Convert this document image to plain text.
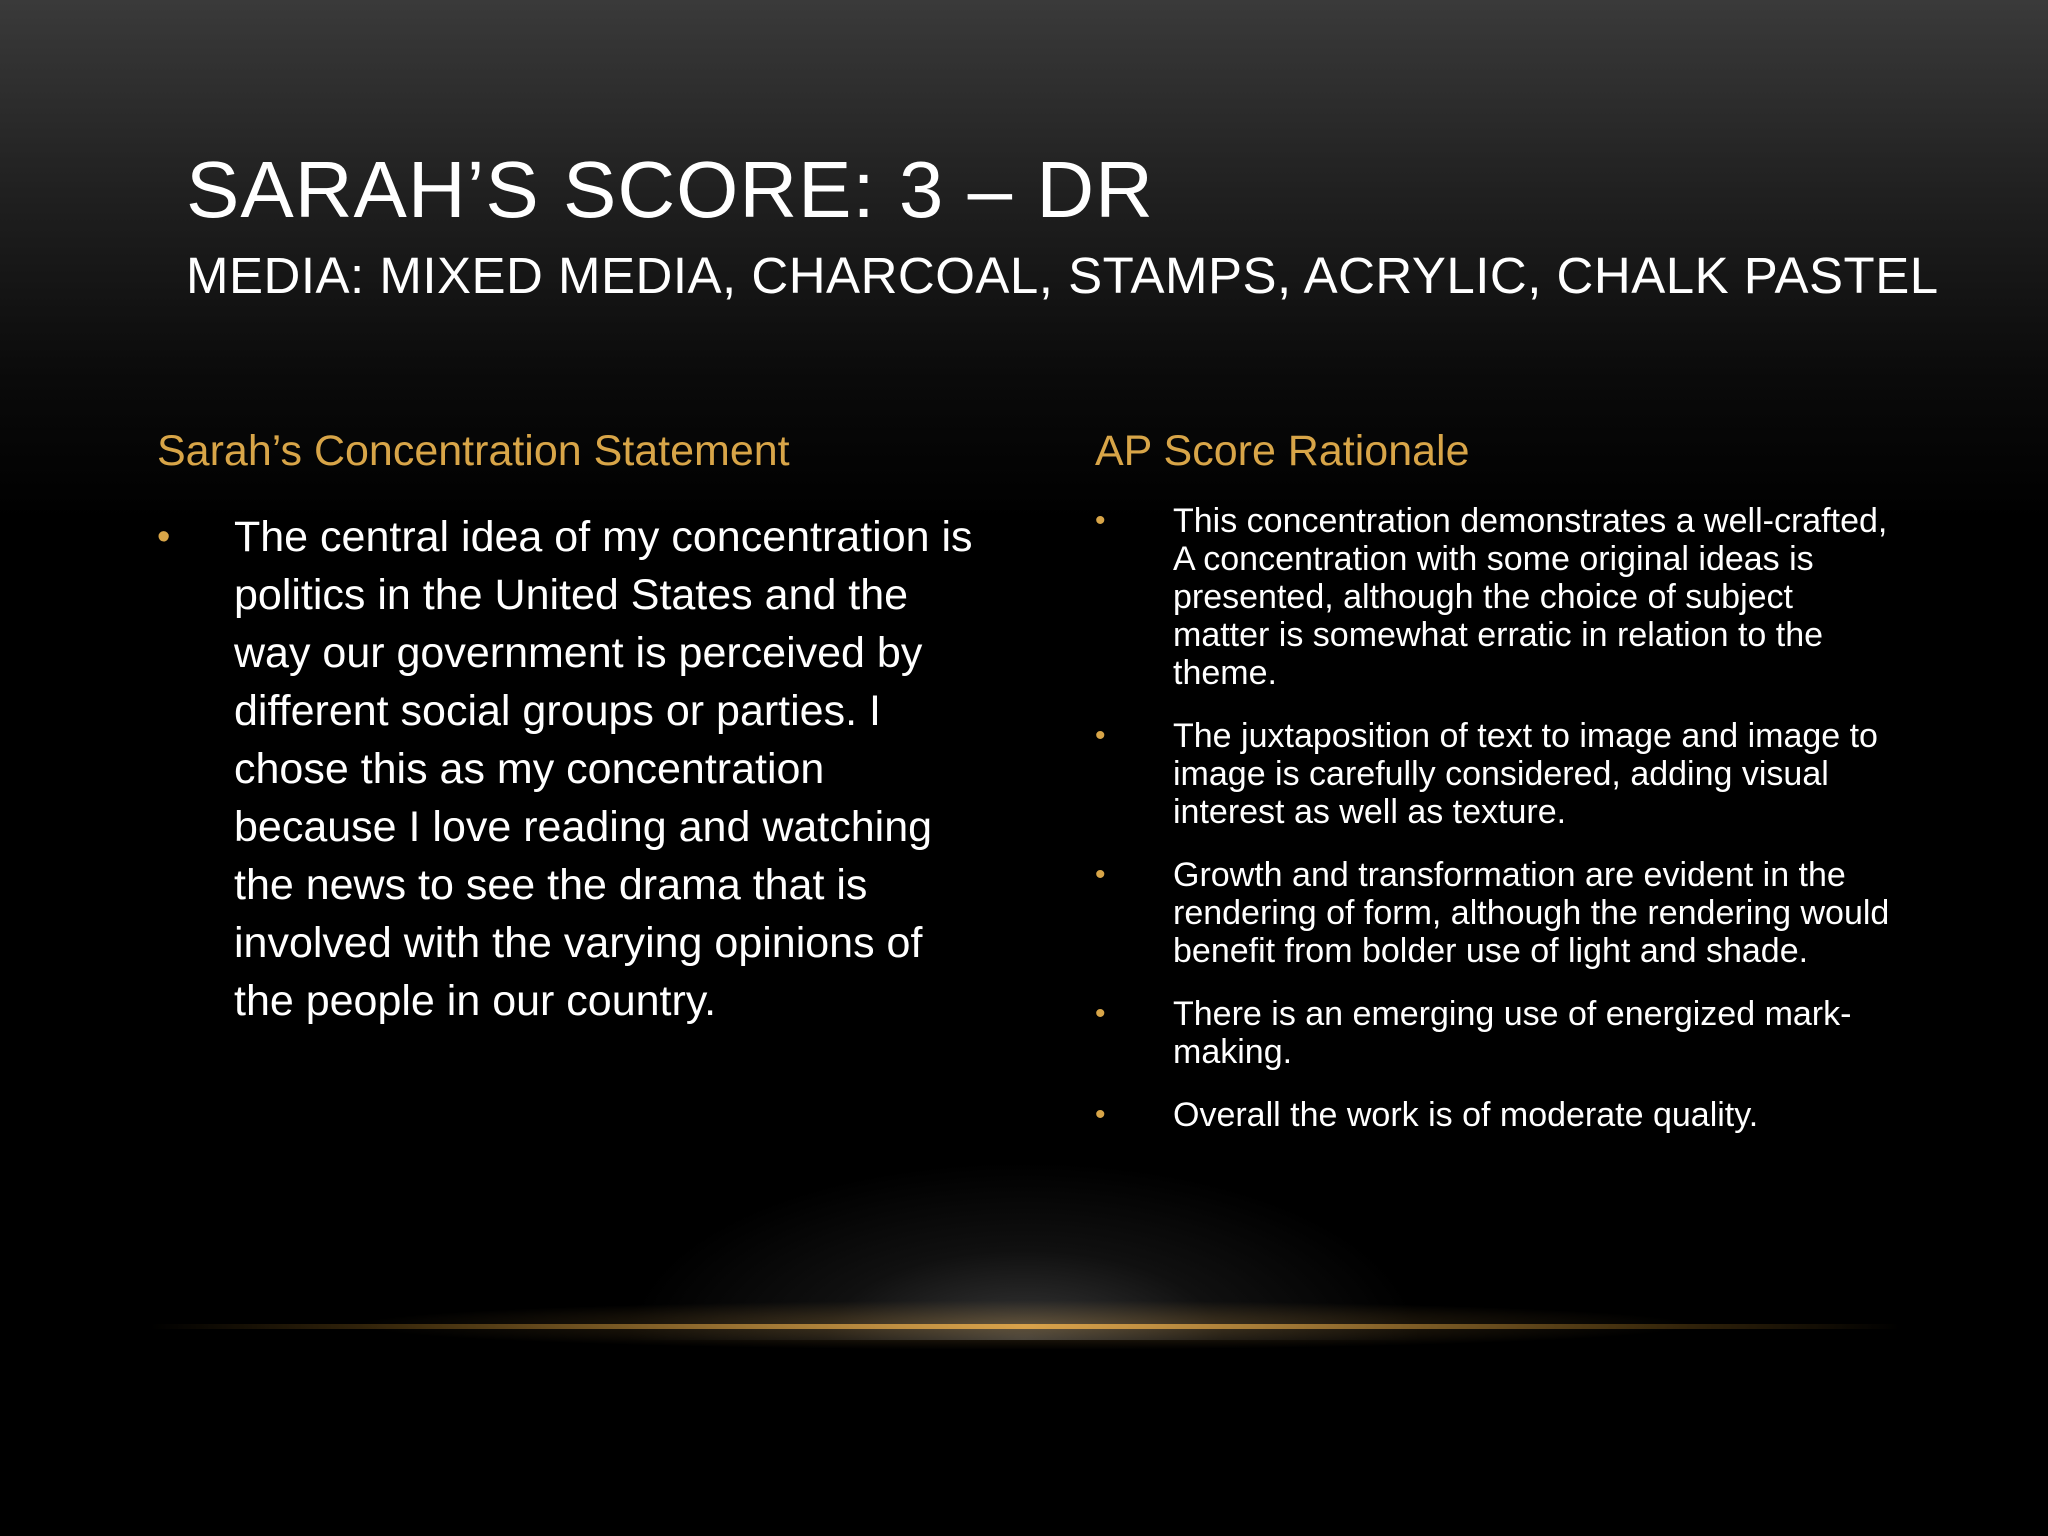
SARAH’S SCORE: 3 – DR
MEDIA: MIXED MEDIA, CHARCOAL, STAMPS, ACRYLIC, CHALK PASTEL
Sarah’s Concentration Statement
• The central idea of my concentration is politics in the United States and the way our government is perceived by different social groups or parties. I chose this as my concentration because I love reading and watching the news to see the drama that is involved with the varying opinions of the people in our country.
AP Score Rationale
• This concentration demonstrates a well-crafted, A concentration with some original ideas is presented, although the choice of subject matter is somewhat erratic in relation to the theme.
• The juxtaposition of text to image and image to image is carefully considered, adding visual interest as well as texture.
• Growth and transformation are evident in the rendering of form, although the rendering would benefit from bolder use of light and shade.
• There is an emerging use of energized mark-making.
• Overall the work is of moderate quality.
